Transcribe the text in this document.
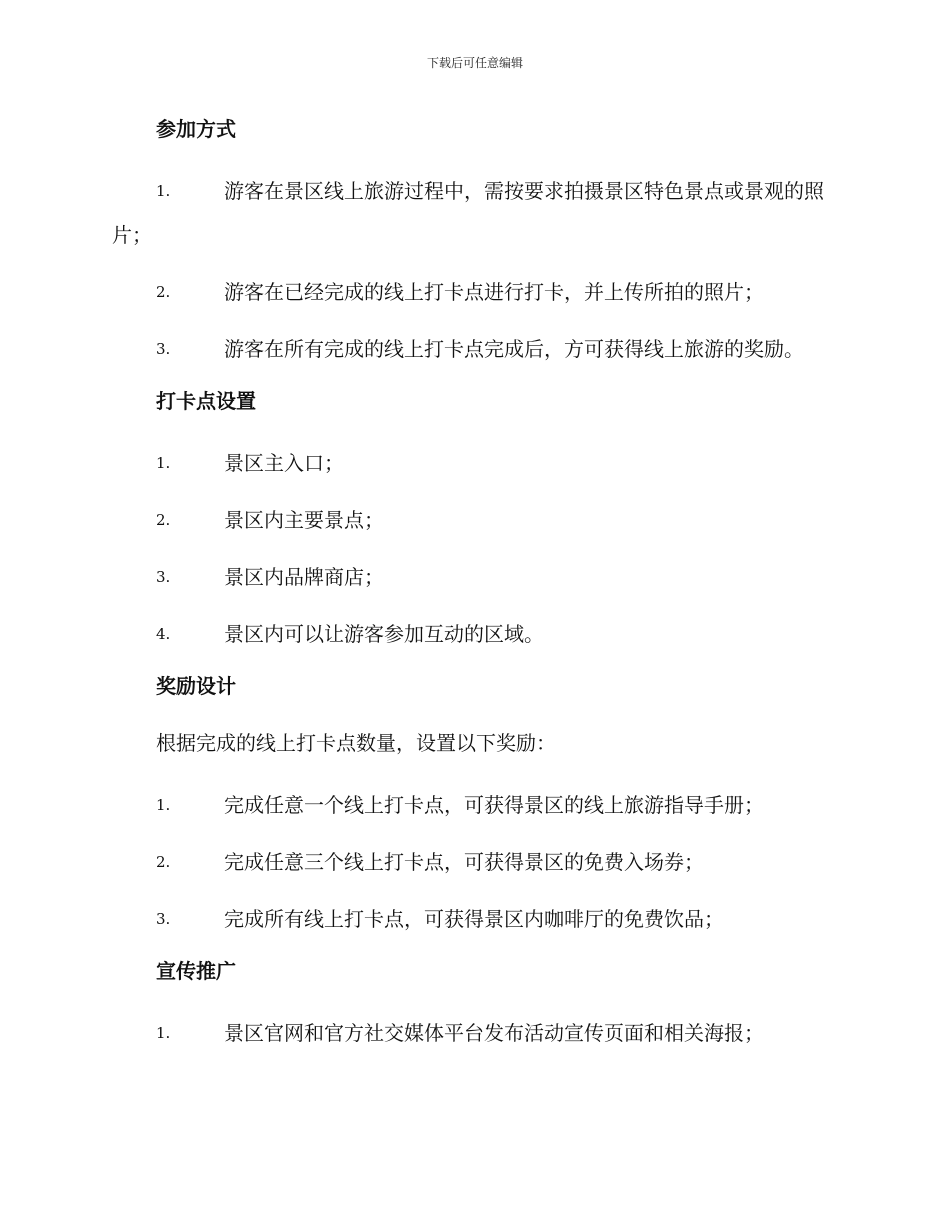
下载后可任意编辑
参加方式
1.	游客在景区线上旅游过程中，需按要求拍摄景区特色景点或景观的照片；
2.	游客在已经完成的线上打卡点进行打卡，并上传所拍的照片；
3.	游客在所有完成的线上打卡点完成后，方可获得线上旅游的奖励。
打卡点设置
1.	景区主入口；
2.	景区内主要景点；
3.	景区内品牌商店；
4.	景区内可以让游客参加互动的区域。
奖励设计
根据完成的线上打卡点数量，设置以下奖励：
1.	完成任意一个线上打卡点，可获得景区的线上旅游指导手册；
2.	完成任意三个线上打卡点，可获得景区的免费入场券；
3.	完成所有线上打卡点，可获得景区内咖啡厅的免费饮品；
宣传推广
1.	景区官网和官方社交媒体平台发布活动宣传页面和相关海报；
